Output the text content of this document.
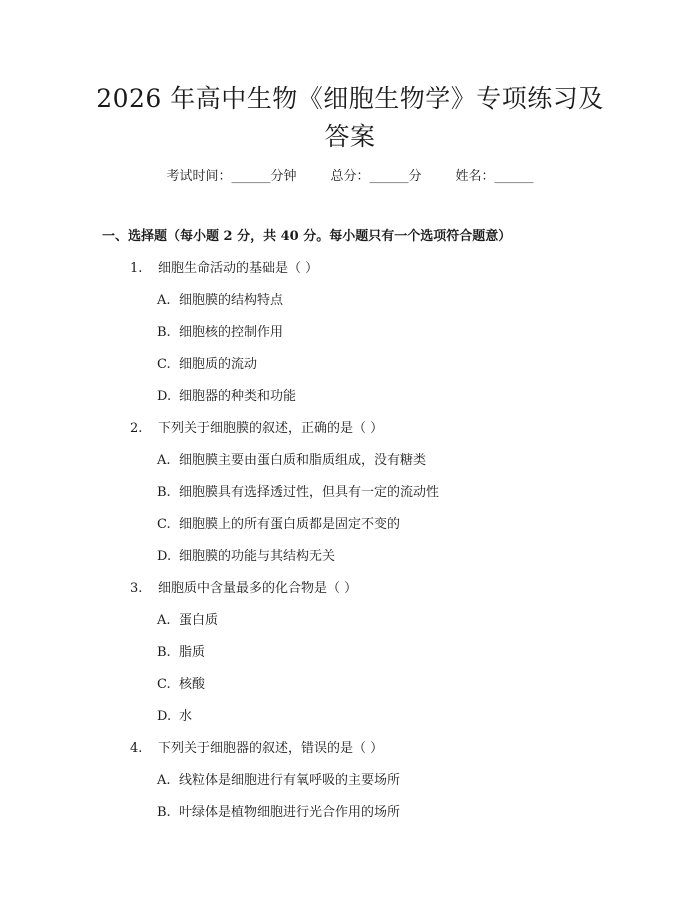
2026 年高中生物《细胞生物学》专项练习及
答案
考试时间：______分钟	总分：______分	姓名：______
一、选择题（每小题 2 分，共 40 分。每小题只有一个选项符合题意）
1. 细胞生命活动的基础是（ ）
A. 细胞膜的结构特点
B. 细胞核的控制作用
C. 细胞质的流动
D. 细胞器的种类和功能
2. 下列关于细胞膜的叙述，正确的是（ ）
A. 细胞膜主要由蛋白质和脂质组成，没有糖类
B. 细胞膜具有选择透过性，但具有一定的流动性
C. 细胞膜上的所有蛋白质都是固定不变的
D. 细胞膜的功能与其结构无关
3. 细胞质中含量最多的化合物是（ ）
A. 蛋白质
B. 脂质
C. 核酸
D. 水
4. 下列关于细胞器的叙述，错误的是（ ）
A. 线粒体是细胞进行有氧呼吸的主要场所
B. 叶绿体是植物细胞进行光合作用的场所
